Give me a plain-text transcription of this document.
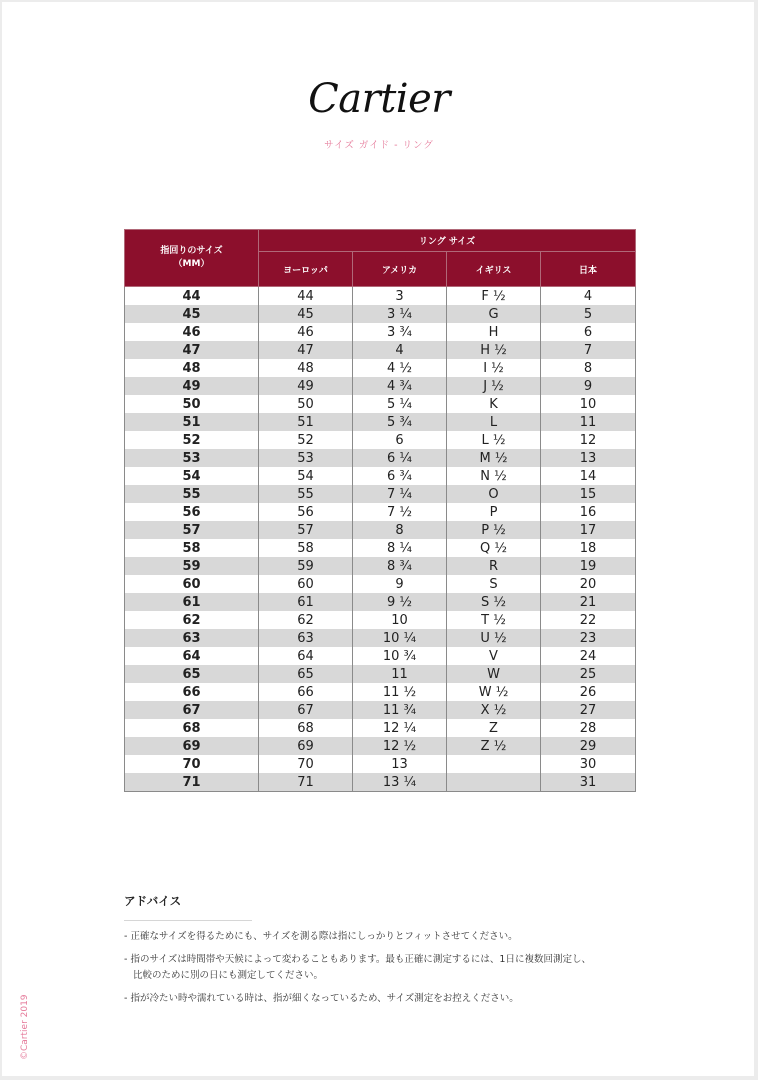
Cartier
サイズ ガイド - リング
指回りのサイズ
（MM）	リング サイズ			
	ヨーロッパ	アメリカ	イギリス	日本
44	44	3	F ½	4
45	45	3 ¼	G	5
46	46	3 ¾	H	6
47	47	4	H ½	7
48	48	4 ½	I ½	8
49	49	4 ¾	J ½	9
50	50	5 ¼	K	10
51	51	5 ¾	L	11
52	52	6	L ½	12
53	53	6 ¼	M ½	13
54	54	6 ¾	N ½	14
55	55	7 ¼	O	15
56	56	7 ½	P	16
57	57	8	P ½	17
58	58	8 ¼	Q ½	18
59	59	8 ¾	R	19
60	60	9	S	20
61	61	9 ½	S ½	21
62	62	10	T ½	22
63	63	10 ¼	U ½	23
64	64	10 ¾	V	24
65	65	11	W	25
66	66	11 ½	W ½	26
67	67	11 ¾	X ½	27
68	68	12 ¼	Z	28
69	69	12 ½	Z ½	29
70	70	13		30
71	71	13 ¼		31
アドバイス
- 正確なサイズを得るためにも、サイズを測る際は指にしっかりとフィットさせてください。
- 指のサイズは時間帯や天候によって変わることもあります。最も正確に測定するには、1日に複数回測定し、
比較のために別の日にも測定してください。
- 指が冷たい時や濡れている時は、指が細くなっているため、サイズ測定をお控えください。
©Cartier 2019
